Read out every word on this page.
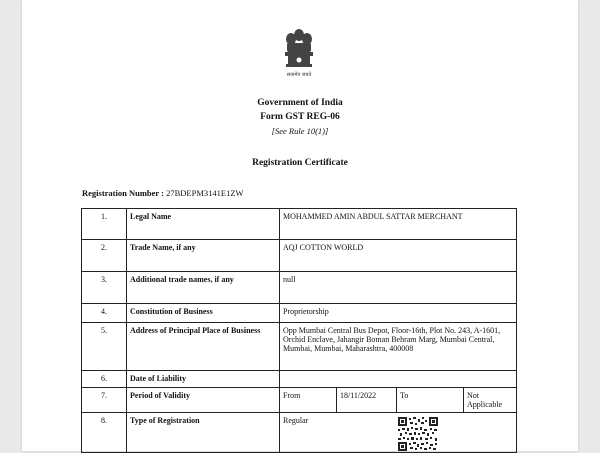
सत्यमेव जयते
Government of India
Form GST REG-06
[See Rule 10(1)]
Registration Certificate
Registration Number : 27BDEPM3141E1ZW
1.	Legal Name	MOHAMMED AMIN ABDUL SATTAR MERCHANT			
2.	Trade Name, if any	AQJ COTTON WORLD			
3.	Additional trade names, if any	null			
4.	Constitution of Business	Proprietorship			
5.	Address of Principal Place of Business	Opp Mumbai Central Bus Depot, Floor-16th, Plot No. 243, A-1601, Orchid Enclave, Jahangir Boman Behram Marg, Mumbai Central, Mumbai, Mumbai, Maharashtra, 400008			
6.	Date of Liability				
7.	Period of Validity	From	18/11/2022	To	Not Applicable
8.	Type of Registration	Regular			
